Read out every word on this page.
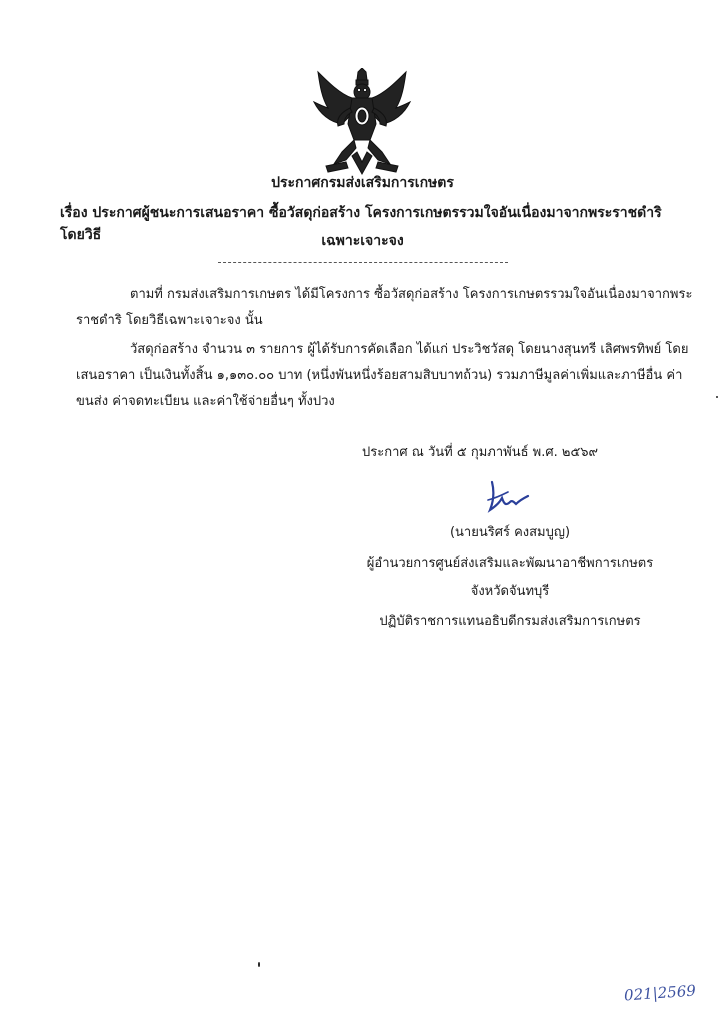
ประกาศกรมส่งเสริมการเกษตร
เรื่อง ประกาศผู้ชนะการเสนอราคา ซื้อวัสดุก่อสร้าง โครงการเกษตรรวมใจอันเนื่องมาจากพระราชดำริ โดยวิธี	เฉพาะเจาะจง
ตามที่ กรมส่งเสริมการเกษตร ได้มีโครงการ ซื้อวัสดุก่อสร้าง โครงการเกษตรรวมใจอันเนื่องมาจากพระ
ราชดำริ โดยวิธีเฉพาะเจาะจง นั้น
วัสดุก่อสร้าง จำนวน ๓ รายการ ผู้ได้รับการคัดเลือก ได้แก่ ประวิชวัสดุ โดยนางสุนทรี เลิศพรทิพย์ โดย
เสนอราคา เป็นเงินทั้งสิ้น ๑,๑๓๐.๐๐ บาท (หนึ่งพันหนึ่งร้อยสามสิบบาทถ้วน) รวมภาษีมูลค่าเพิ่มและภาษีอื่น ค่า
ขนส่ง ค่าจดทะเบียน และค่าใช้จ่ายอื่นๆ ทั้งปวง
ประกาศ ณ วันที่ ๕ กุมภาพันธ์ พ.ศ. ๒๕๖๙
(นายนริศร์ คงสมบูญ)
ผู้อำนวยการศูนย์ส่งเสริมและพัฒนาอาชีพการเกษตร
จังหวัดจันทบุรี
ปฏิบัติราชการแทนอธิบดีกรมส่งเสริมการเกษตร
021|2569
